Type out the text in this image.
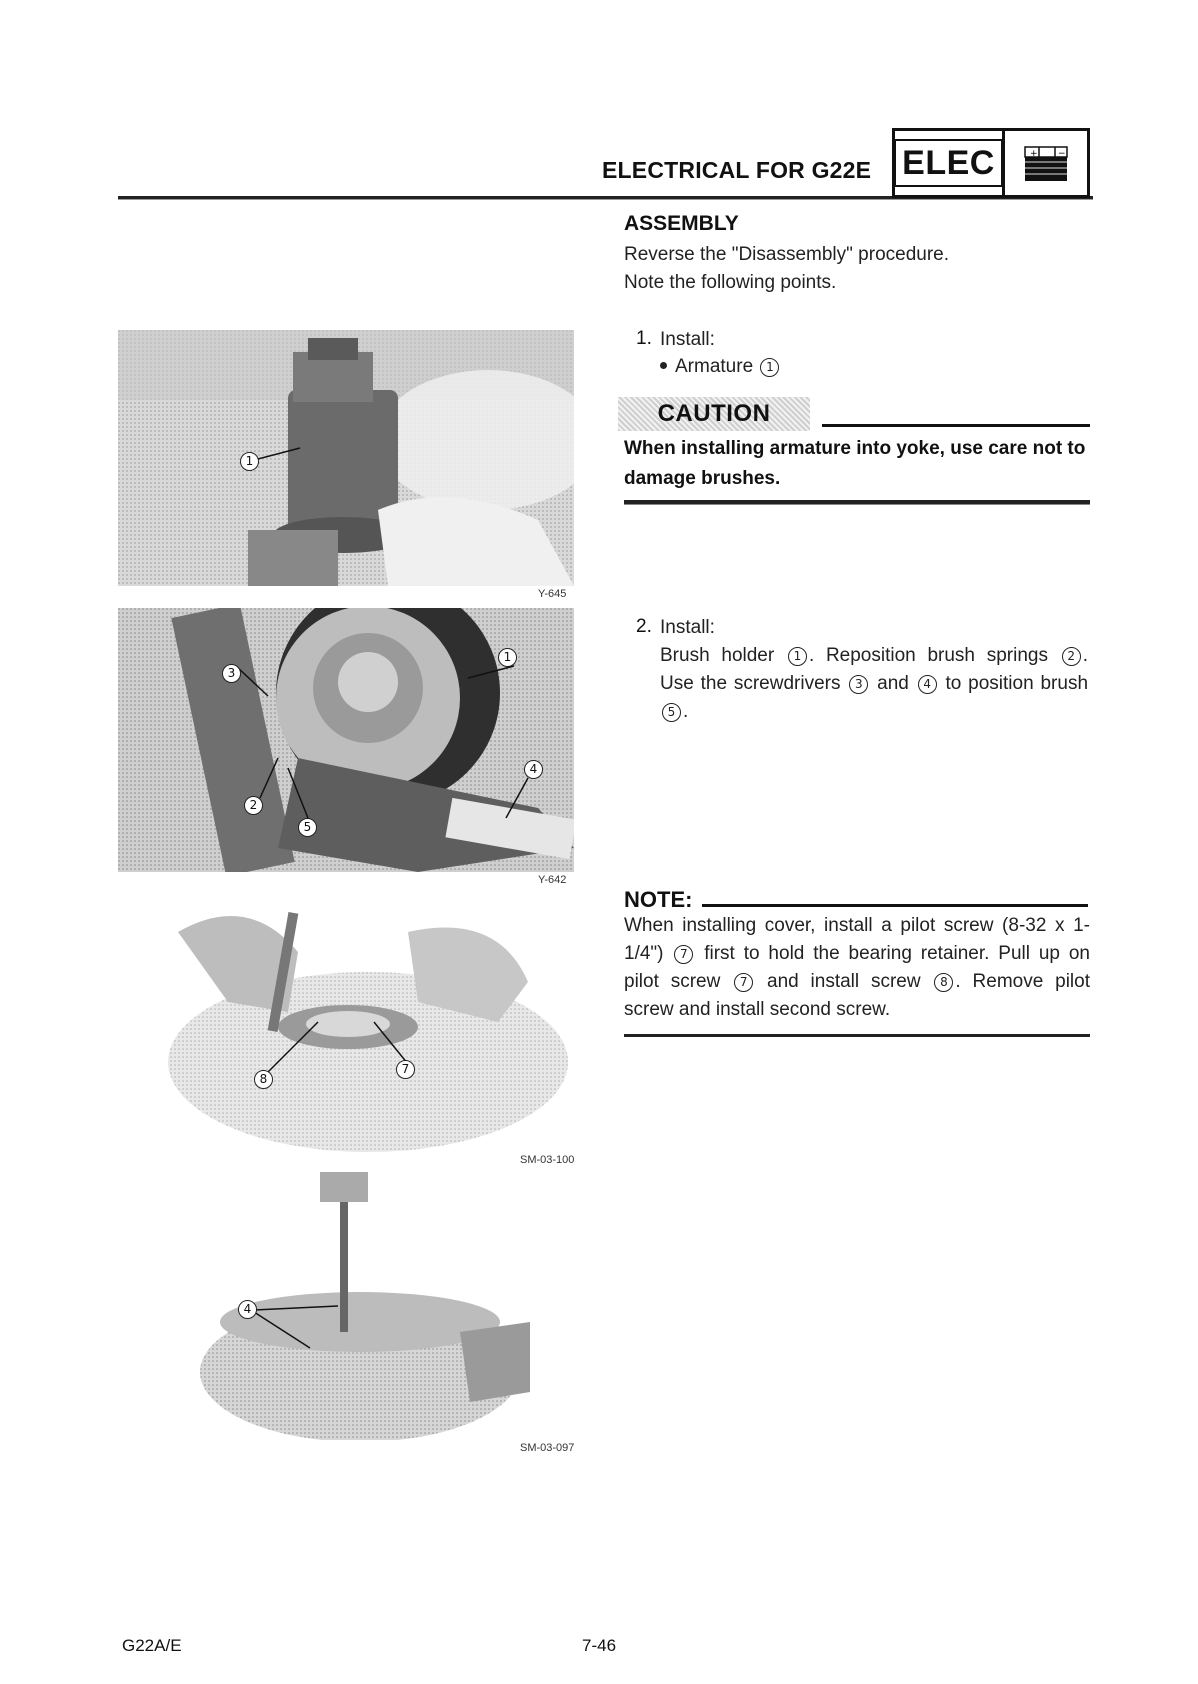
ELECTRICAL FOR G22E ELEC	+ −
ASSEMBLY
Reverse the "Disassembly" procedure.
Note the following points.
1. Install:
Armature 1
CAUTION
When installing armature into yoke, use care not to damage brushes.
2. Install:
Brush holder 1 . Reposition brush springs 2 . Use the screwdrivers 3 and 4 to position brush 5 .
NOTE:
When installing cover, install a pilot screw (8-32 x 1-1/4") 7 first to hold the bearing retainer. Pull up on pilot screw 7 and install screw 8 . Remove pilot screw and install second screw.
1
Y-645
3
1
4
2
5
Y-642
8
7
SM-03-100
4
SM-03-097
G22A/E	7-46
